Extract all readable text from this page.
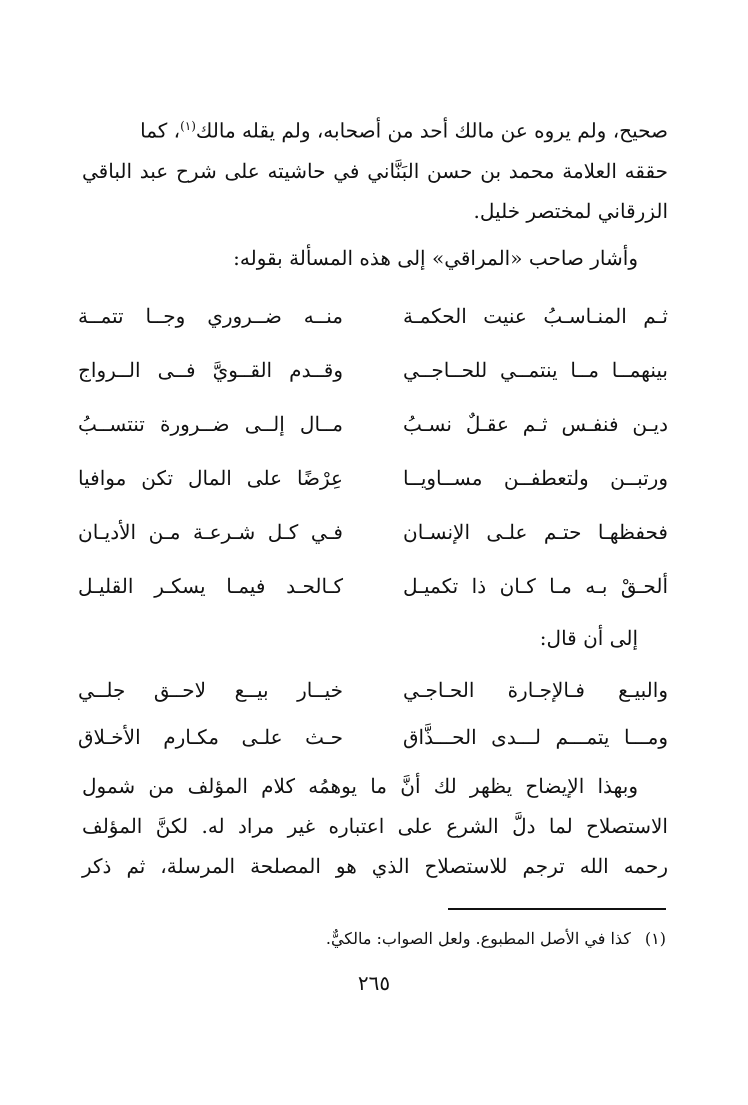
صحيح، ولم يروه عن مالك أحد من أصحابه، ولم يقله مالك$^{(١)}$، كما
حققه العلامة محمد بن حسن البَنَّاني في حاشيته على شرح عبد الباقي
الزرقاني لمختصر خليل.
وأشار صاحب «المراقي» إلى هذه المسألة بقوله:
ثـم المنـاسـبُ عنيت الحكمـة
منــه ضــروري وجــا تتمــة
بينهمــا مــا ينتمــي للحــاجــي
وقــدم القــويَّ فــى الــرواج
ديـن فنفـس ثـم عقـلٌ نسـبُ
مــال إلــى ضــرورة تنتســبُ
ورتبــن ولتعطفــن مســاويــا
عِرْضًا على المال تكن موافيا
فحفظهـا حتـم علـى الإنسـان
فـي كـل شـرعـة مـن الأديـان
ألحـقْ بـه مـا كـان ذا تكميـل
كـالحـد فيمـا يسكـر القليـل
إلى أن قال:
والبيـع فـالإجـارة الحـاجـي
خيــار بيــع لاحــق جلــي
ومـــا يتمـــم لـــدى الحـــذَّاق
حـث علـى مكـارم الأخـلاق
وبهذا الإيضاح يظهر لك أنَّ ما يوهمُه كلام المؤلف من شمول
الاستصلاح لما دلَّ الشرع على اعتباره غير مراد له. لكنَّ المؤلف
رحمه الله ترجم للاستصلاح الذي هو المصلحة المرسلة، ثم ذكر
(١)كذا في الأصل المطبوع. ولعل الصواب: مالكيٌّ.
٢٦٥
